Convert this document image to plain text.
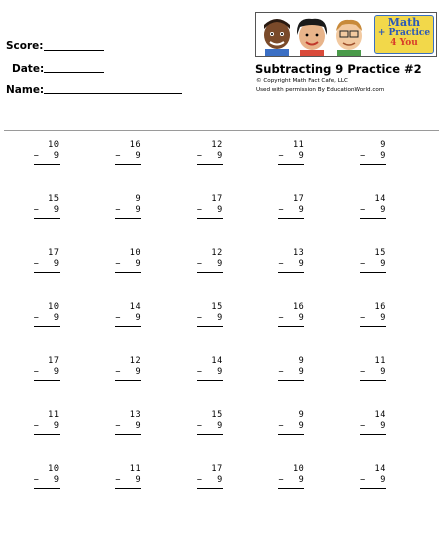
Score:
Date:
Name:
Math
+ Practice
4 You
Subtracting 9 Practice #2
© Copyright Math Fact Cafe, LLC
Used with permission By EducationWorld.com
10
− 9
16
− 9
12
− 9
11
− 9
9
− 9
15
− 9
9
− 9
17
− 9
17
− 9
14
− 9
17
− 9
10
− 9
12
− 9
13
− 9
15
− 9
10
− 9
14
− 9
15
− 9
16
− 9
16
− 9
17
− 9
12
− 9
14
− 9
9
− 9
11
− 9
11
− 9
13
− 9
15
− 9
9
− 9
14
− 9
10
− 9
11
− 9
17
− 9
10
− 9
14
− 9
